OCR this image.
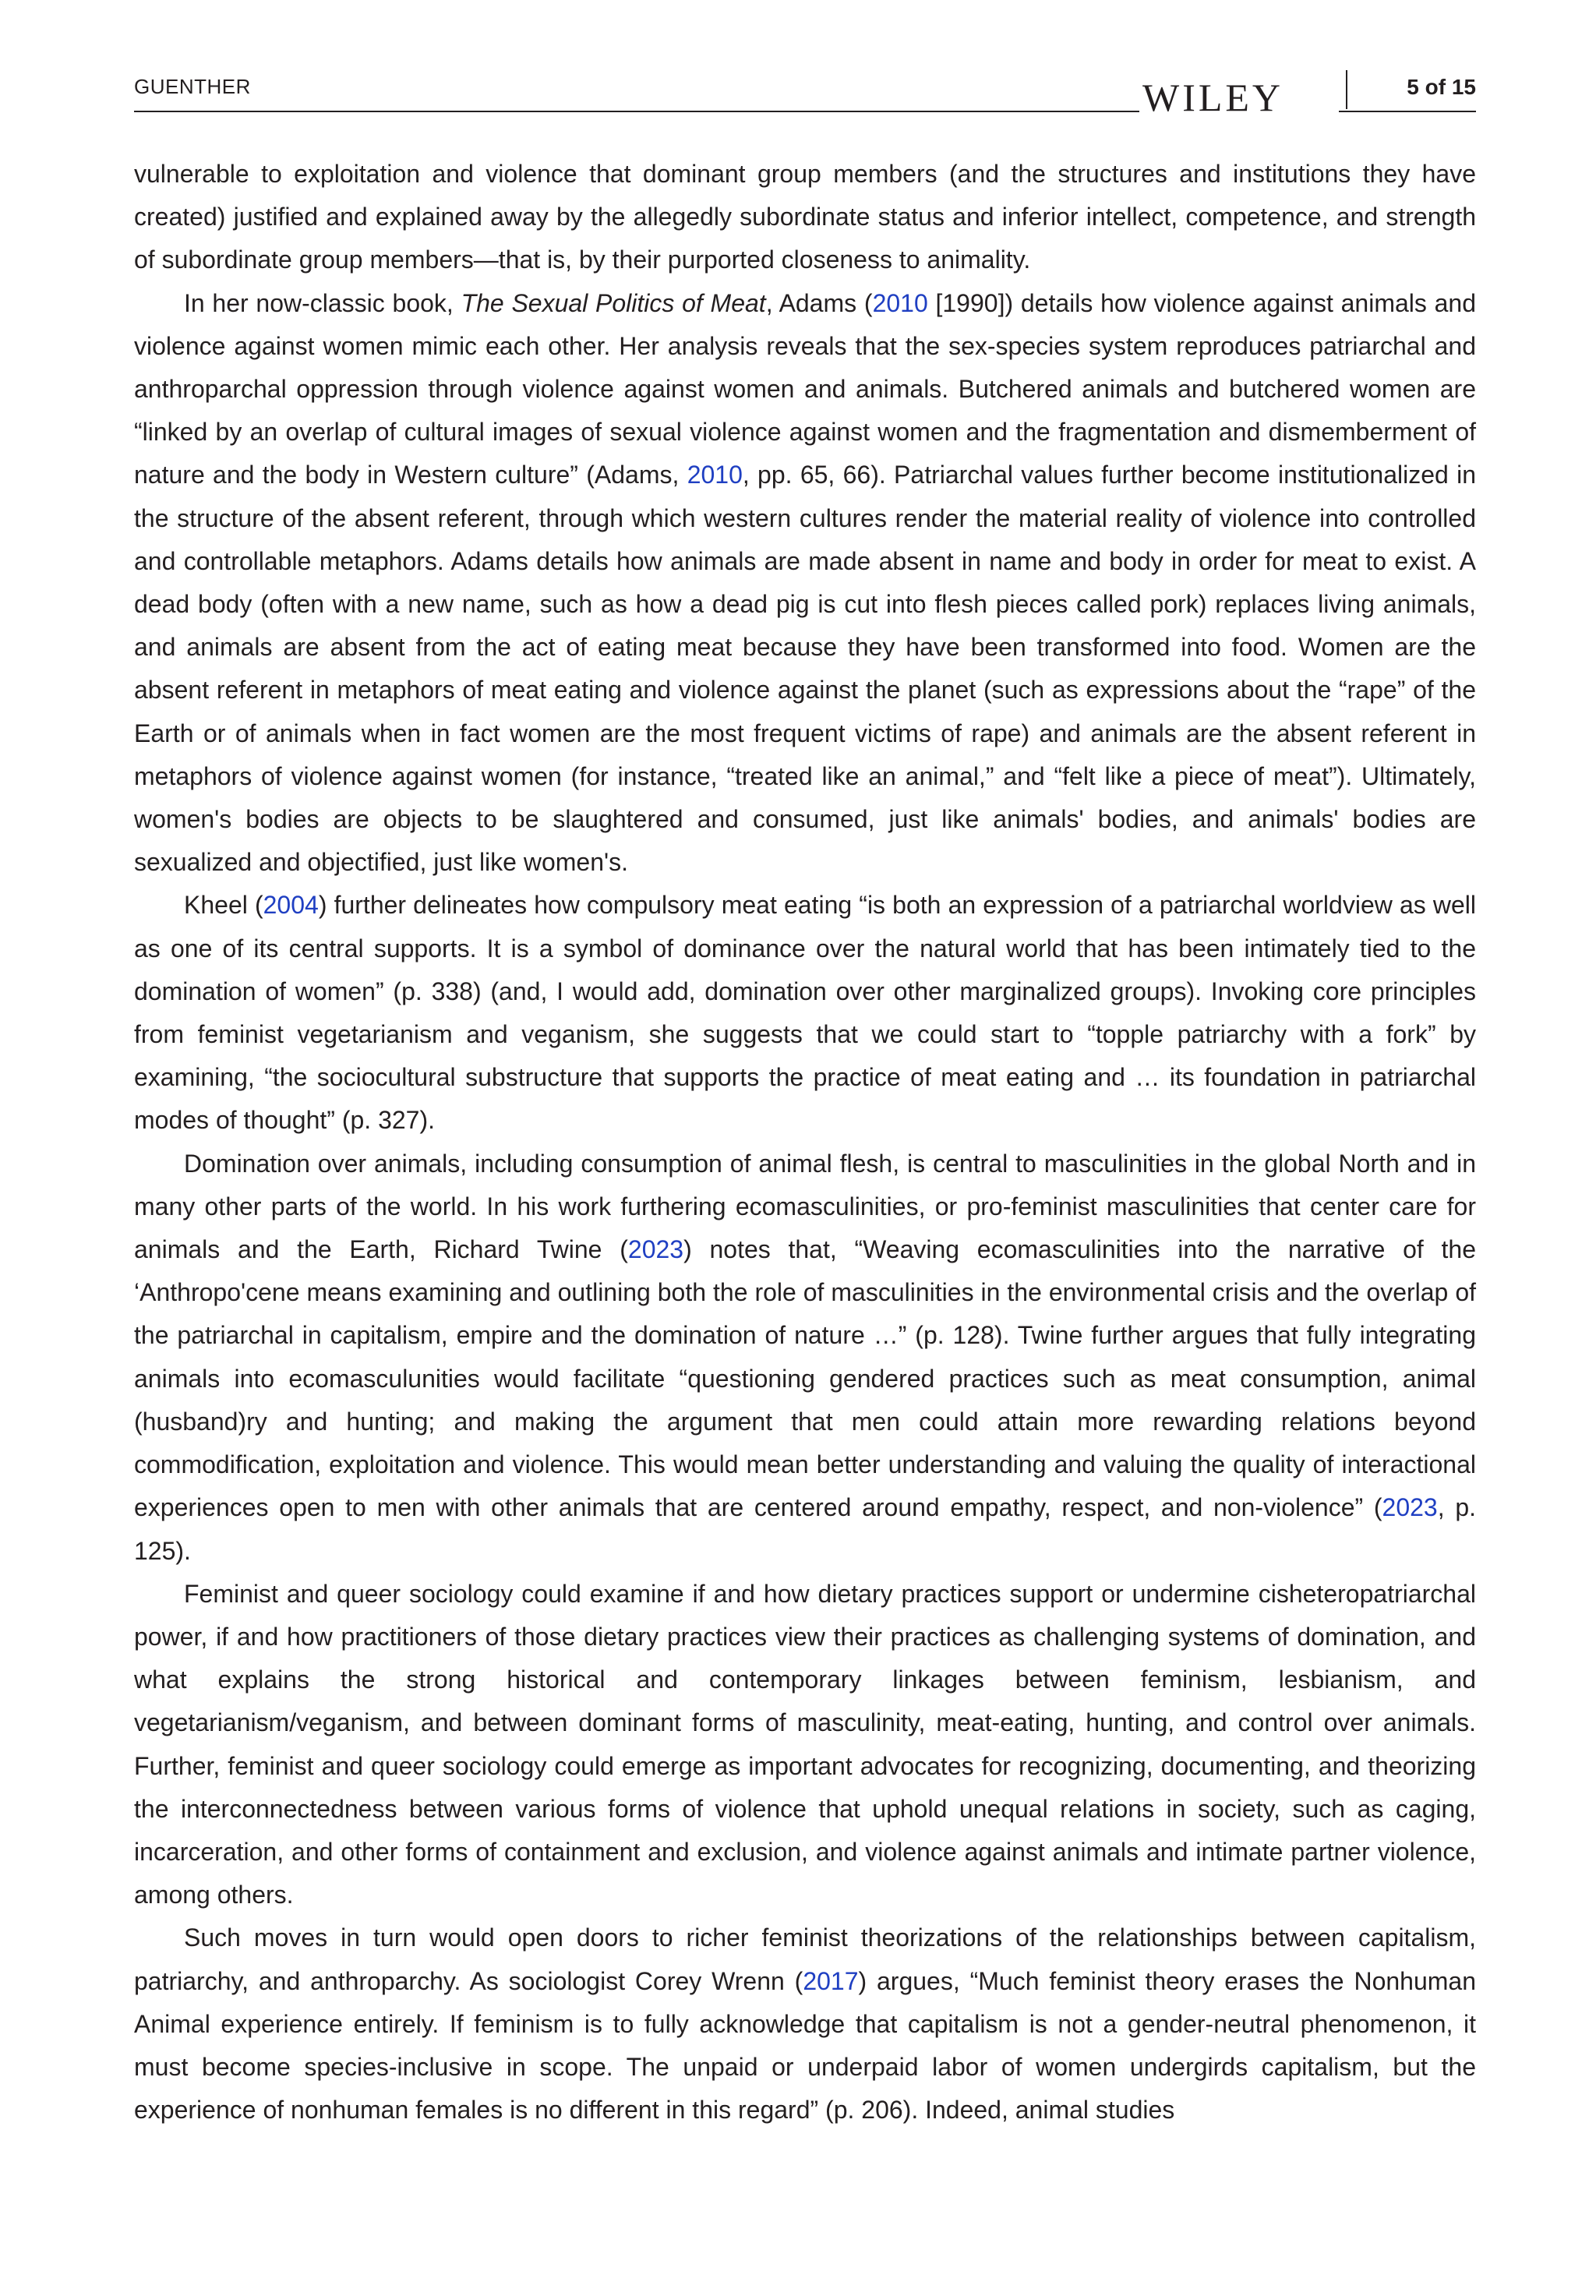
GUENTHER	WILEY	5 of 15

vulnerable to exploitation and violence that dominant group members (and the structures and institutions they have created) justified and explained away by the allegedly subordinate status and inferior intellect, competence, and strength of subordinate group members—that is, by their purported closeness to animality.

In her now-classic book, The Sexual Politics of Meat, Adams (2010 [1990]) details how violence against animals and violence against women mimic each other. Her analysis reveals that the sex-species system reproduces patriarchal and anthroparchal oppression through violence against women and animals. Butchered animals and butchered women are “linked by an overlap of cultural images of sexual violence against women and the fragmentation and dismemberment of nature and the body in Western culture” (Adams, 2010, pp. 65, 66). Patriarchal values further become institutionalized in the structure of the absent referent, through which western cultures render the material reality of violence into controlled and controllable metaphors. Adams details how animals are made absent in name and body in order for meat to exist. A dead body (often with a new name, such as how a dead pig is cut into flesh pieces called pork) replaces living animals, and animals are absent from the act of eating meat because they have been transformed into food. Women are the absent referent in metaphors of meat eating and violence against the planet (such as expressions about the “rape” of the Earth or of animals when in fact women are the most frequent victims of rape) and animals are the absent referent in metaphors of violence against women (for instance, “treated like an animal,” and “felt like a piece of meat”). Ultimately, women's bodies are objects to be slaughtered and consumed, just like animals' bodies, and animals' bodies are sexualized and objectified, just like women's.

Kheel (2004) further delineates how compulsory meat eating “is both an expression of a patriarchal worldview as well as one of its central supports. It is a symbol of dominance over the natural world that has been intimately tied to the domination of women” (p. 338) (and, I would add, domination over other marginalized groups). Invoking core principles from feminist vegetarianism and veganism, she suggests that we could start to “topple patriarchy with a fork” by examining, “the sociocultural substructure that supports the practice of meat eating and … its foundation in patriarchal modes of thought” (p. 327).

Domination over animals, including consumption of animal flesh, is central to masculinities in the global North and in many other parts of the world. In his work furthering ecomasculinities, or pro-feminist masculinities that center care for animals and the Earth, Richard Twine (2023) notes that, “Weaving ecomasculinities into the narrative of the ‘Anthropo'cene means examining and outlining both the role of masculinities in the environmental crisis and the overlap of the patriarchal in capitalism, empire and the domination of nature …” (p. 128). Twine further argues that fully integrating animals into ecomasculunities would facilitate “questioning gendered practices such as meat consumption, animal (husband)ry and hunting; and making the argument that men could attain more rewarding relations beyond commodification, exploitation and violence. This would mean better understanding and valuing the quality of interactional experiences open to men with other animals that are centered around empathy, respect, and non-violence” (2023, p. 125).

Feminist and queer sociology could examine if and how dietary practices support or undermine cisheteropatriarchal power, if and how practitioners of those dietary practices view their practices as challenging systems of domination, and what explains the strong historical and contemporary linkages between feminism, lesbianism, and vegetarianism/veganism, and between dominant forms of masculinity, meat-eating, hunting, and control over animals. Further, feminist and queer sociology could emerge as important advocates for recognizing, documenting, and theorizing the interconnectedness between various forms of violence that uphold unequal relations in society, such as caging, incarceration, and other forms of containment and exclusion, and violence against animals and intimate partner violence, among others.

Such moves in turn would open doors to richer feminist theorizations of the relationships between capitalism, patriarchy, and anthroparchy. As sociologist Corey Wrenn (2017) argues, “Much feminist theory erases the Nonhuman Animal experience entirely. If feminism is to fully acknowledge that capitalism is not a gender-neutral phenomenon, it must become species-inclusive in scope. The unpaid or underpaid labor of women undergirds capitalism, but the experience of nonhuman females is no different in this regard” (p. 206). Indeed, animal studies
